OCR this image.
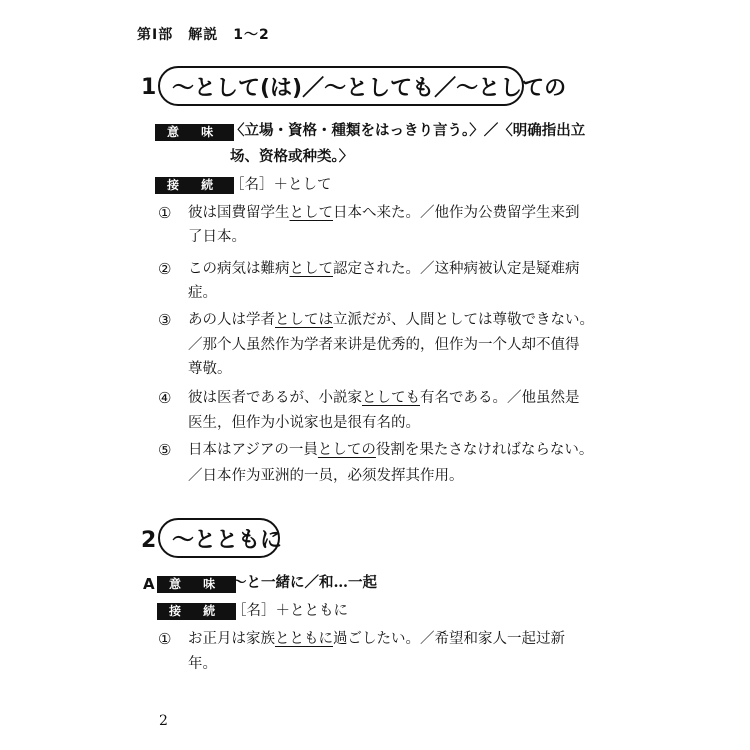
第Ⅰ部　解説　1〜2
1 〜として(は)／〜としても／〜としての
意 味 〈立場・資格・種類をはっきり言う。〉／〈明确指出立
场、资格或种类。〉
接 続 ［名］＋として
①	彼は国費留学生として日本へ来た。／他作为公费留学生来到
了日本。
②	この病気は難病として認定された。／这种病被认定是疑难病
症。
③	あの人は学者としては立派だが、人間としては尊敬できない。
／那个人虽然作为学者来讲是优秀的，但作为一个人却不值得
尊敬。
④	彼は医者であるが、小説家としても有名である。／他虽然是
医生，但作为小说家也是很有名的。
⑤	日本はアジアの一員としての役割を果たさなければならない。
／日本作为亚洲的一员，必须发挥其作用。
2 〜とともに
A	意 味 〜と一緒に／和…一起
接 続 ［名］＋とともに
①	お正月は家族とともに過ごしたい。／希望和家人一起过新
年。
2
